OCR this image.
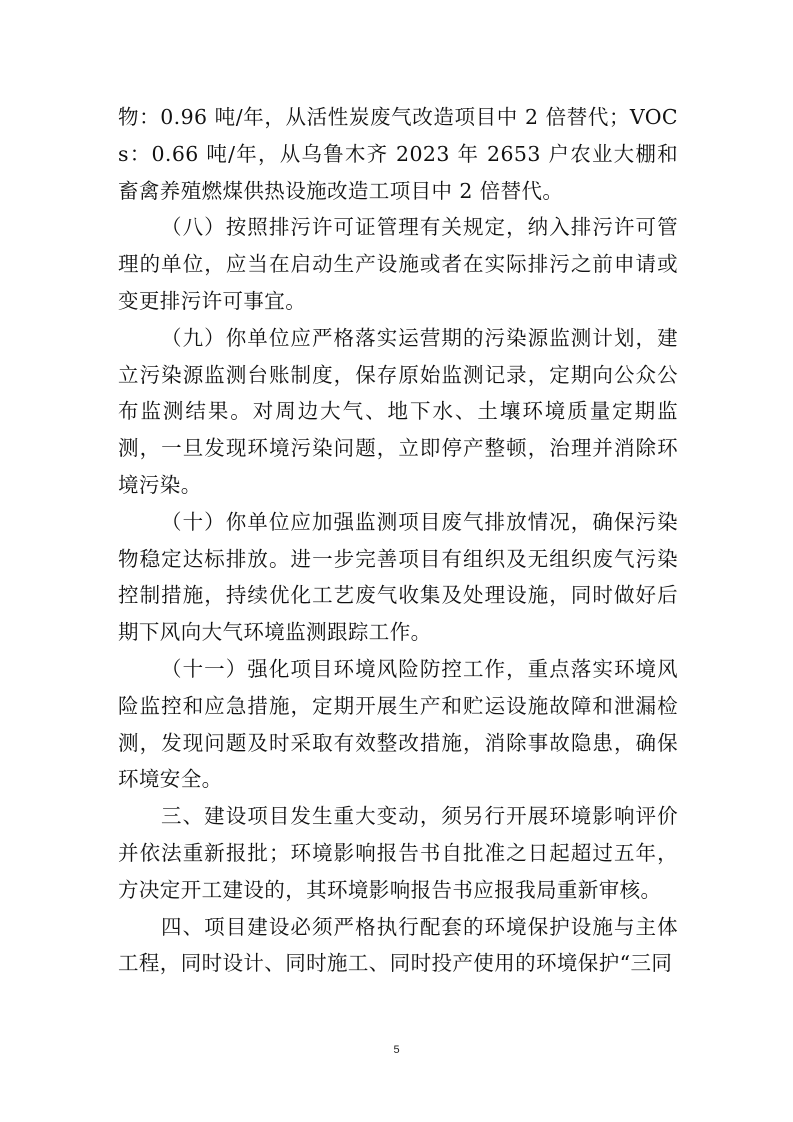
物：0.96 吨/年，从活性炭废气改造项目中 2 倍替代；VOCs：0.66 吨/年，从乌鲁木齐 2023 年 2653 户农业大棚和畜禽养殖燃煤供热设施改造工项目中 2 倍替代。

（八）按照排污许可证管理有关规定，纳入排污许可管理的单位，应当在启动生产设施或者在实际排污之前申请或变更排污许可事宜。

（九）你单位应严格落实运营期的污染源监测计划，建立污染源监测台账制度，保存原始监测记录，定期向公众公布监测结果。对周边大气、地下水、土壤环境质量定期监测，一旦发现环境污染问题，立即停产整顿，治理并消除环境污染。

（十）你单位应加强监测项目废气排放情况，确保污染物稳定达标排放。进一步完善项目有组织及无组织废气污染控制措施，持续优化工艺废气收集及处理设施，同时做好后期下风向大气环境监测跟踪工作。

（十一）强化项目环境风险防控工作，重点落实环境风险监控和应急措施，定期开展生产和贮运设施故障和泄漏检测，发现问题及时采取有效整改措施，消除事故隐患，确保环境安全。

三、建设项目发生重大变动，须另行开展环境影响评价并依法重新报批；环境影响报告书自批准之日起超过五年，方决定开工建设的，其环境影响报告书应报我局重新审核。

四、项目建设必须严格执行配套的环境保护设施与主体工程，同时设计、同时施工、同时投产使用的环境保护“三同

5
